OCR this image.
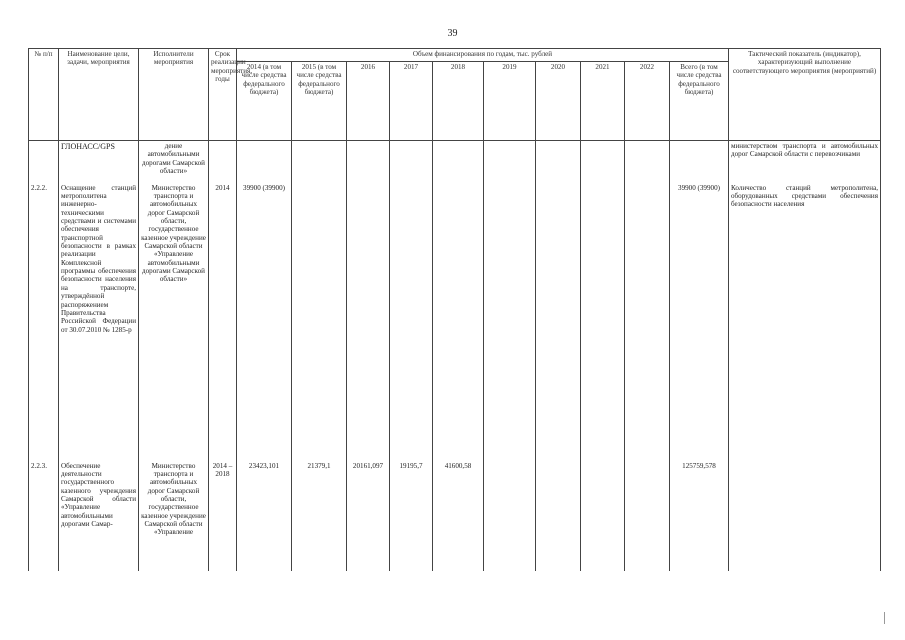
39
№ п/п	Наименование цели, задачи, мероприятия	Исполнители мероприятия	Срок реализации мероприятия, годы	Объем финансирования по годам, тыс. рублей										Тактический показатель (индикатор), характеризующий выполнение соответствующего мероприятия (мероприятий)
				2014 (в том числе средства федерального бюджета)	2015 (в том числе средства федерального бюджета)	2016	2017	2018	2019	2020	2021	2022	Всего (в том числе средства федерального бюджета)	
	ГЛОНАСС/GPS	дение автомобильными дорогами Самарской области»												министерством транспорта и автомобильных дорог Самарской области с перевозчиками
2.2.2.	Оснащение станций метрополитена инженерно-техническими средствами и системами обеспечения транспортной безопасности в рамках реализации Комплексной программы обеспечения безопасности населения на транспорте, утверждённой распоряжением Правительства Российской Федерации от 30.07.2010 № 1285-р	Министерство транспорта и автомобильных дорог Самарской области, государственное казенное учреждение Самарской области «Управление автомобильными дорогами Самарской области»	2014	39900 (39900)									39900 (39900)	Количество станций метрополитена, оборудованных средствами обеспечения безопасности населения
2.2.3.	Обеспечение деятельности государственного казенного учреждения Самарской области «Управление автомобильными дорогами Самар-	Министерство транспорта и автомобильных дорог Самарской области, государственное казенное учреждение Самарской области «Управление	2014 – 2018	23423,101	21379,1	20161,097	19195,7	41600,58					125759,578	
